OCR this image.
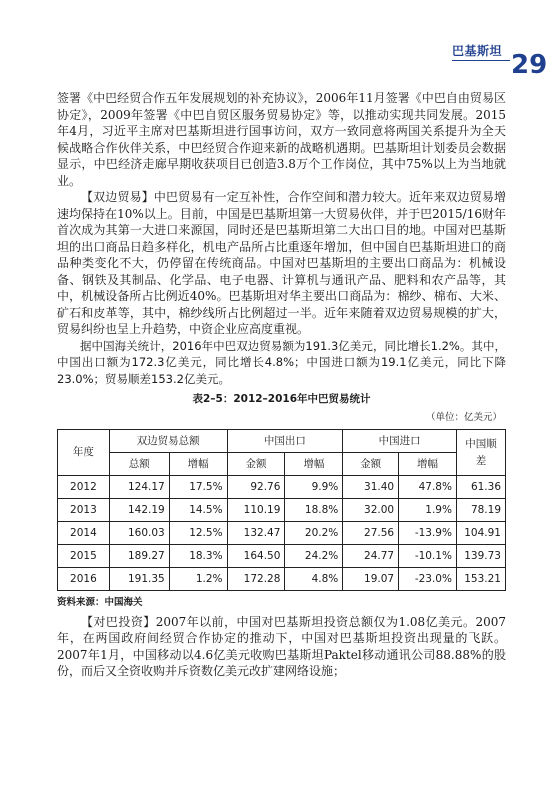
巴基斯坦 29

签署《中巴经贸合作五年发展规划的补充协议》，2006年11月签署《中巴自由贸易区协定》，2009年签署《中巴自贸区服务贸易协定》等，以推动实现共同发展。2015年4月，习近平主席对巴基斯坦进行国事访问，双方一致同意将两国关系提升为全天候战略合作伙伴关系，中巴经贸合作迎来新的战略机遇期。巴基斯坦计划委员会数据显示，中巴经济走廊早期收获项目已创造3.8万个工作岗位，其中75%以上为当地就业。

【双边贸易】中巴贸易有一定互补性，合作空间和潜力较大。近年来双边贸易增速均保持在10%以上。目前，中国是巴基斯坦第一大贸易伙伴，并于巴2015/16财年首次成为其第一大进口来源国，同时还是巴基斯坦第二大出口目的地。中国对巴基斯坦的出口商品日趋多样化，机电产品所占比重逐年增加，但中国自巴基斯坦进口的商品种类变化不大，仍停留在传统商品。中国对巴基斯坦的主要出口商品为：机械设备、钢铁及其制品、化学品、电子电器、计算机与通讯产品、肥料和农产品等，其中，机械设备所占比例近40%。巴基斯坦对华主要出口商品为：棉纱、棉布、大米、矿石和皮革等，其中，棉纱线所占比例超过一半。近年来随着双边贸易规模的扩大，贸易纠纷也呈上升趋势，中资企业应高度重视。

据中国海关统计，2016年中巴双边贸易额为191.3亿美元，同比增长1.2%。其中，中国出口额为172.3亿美元，同比增长4.8%；中国进口额为19.1亿美元，同比下降23.0%；贸易顺差153.2亿美元。

表2–5：2012–2016年中巴贸易统计
（单位：亿美元）
年度	双边贸易总额		中国出口		中国进口		中国顺差
	总额	增幅	金额	增幅	金额	增幅	
2012	124.17	17.5%	92.76	9.9%	31.40	47.8%	61.36
2013	142.19	14.5%	110.19	18.8%	32.00	1.9%	78.19
2014	160.03	12.5%	132.47	20.2%	27.56	-13.9%	104.91
2015	189.27	18.3%	164.50	24.2%	24.77	-10.1%	139.73
2016	191.35	1.2%	172.28	4.8%	19.07	-23.0%	153.21
资料来源：中国海关

【对巴投资】2007年以前，中国对巴基斯坦投资总额仅为1.08亿美元。2007年，在两国政府间经贸合作协定的推动下，中国对巴基斯坦投资出现量的飞跃。2007年1月，中国移动以4.6亿美元收购巴基斯坦Paktel移动通讯公司88.88%的股份，而后又全资收购并斥资数亿美元改扩建网络设施；
